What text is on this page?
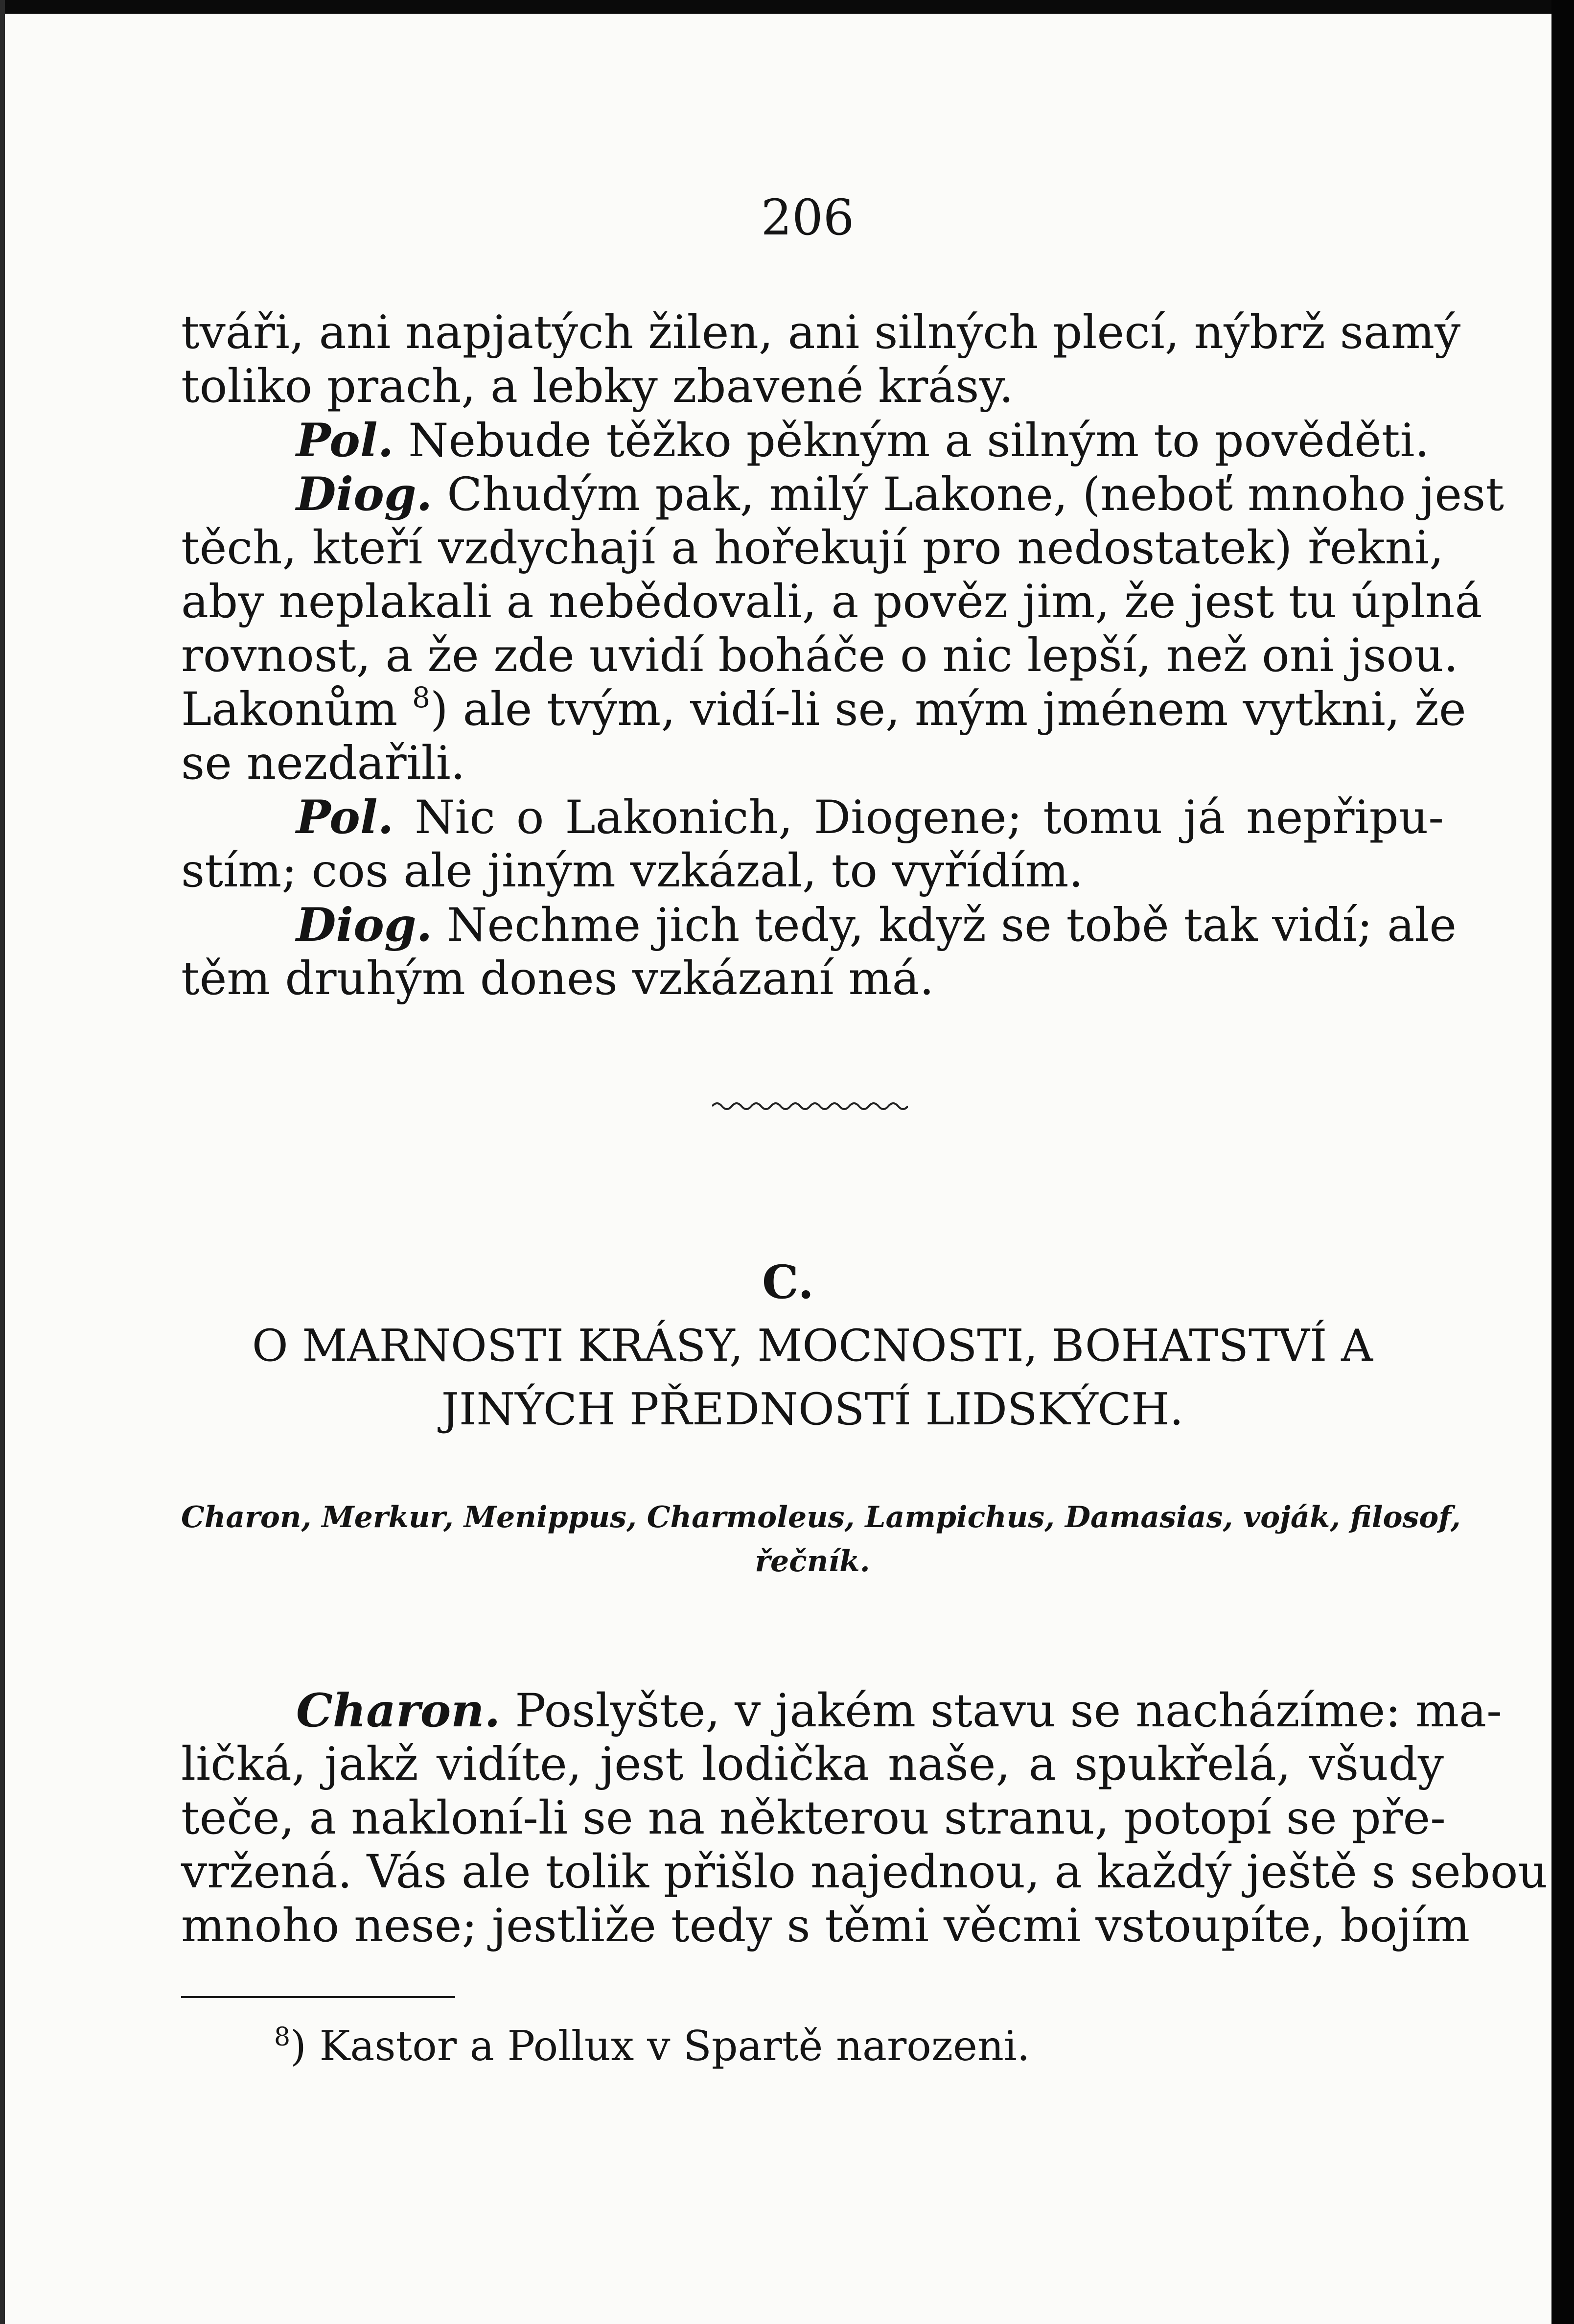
206
tváři, ani napjatých žilen, ani silných plecí, nýbrž samý
toliko prach, a lebky zbavené krásy.
Pol. Nebude těžko pěkným a silným to pověděti.
Diog. Chudým pak, milý Lakone, (neboť mnoho jest
těch, kteří vzdychají a hořekují pro nedostatek) řekni,
aby neplakali a nebědovali, a pověz jim, že jest tu úplná
rovnost, a že zde uvidí boháče o nic lepší, než oni jsou.
Lakonům $^8$) ale tvým, vidí-li se, mým jménem vytkni, že
se nezdařili.
Pol. Nic o Lakonich, Diogene; tomu já nepřipu-
stím; cos ale jiným vzkázal, to vyřídím.
Diog. Nechme jich tedy, když se tobě tak vidí; ale
těm druhým dones vzkázaní má.
C.
O MARNOSTI KRÁSY, MOCNOSTI, BOHATSTVÍ A
JINÝCH PŘEDNOSTÍ LIDSKÝCH.
Charon, Merkur, Menippus, Charmoleus, Lampichus, Damasias, voják, filosof,
řečník.
Charon. Poslyšte, v jakém stavu se nacházíme: ma-
ličká, jakž vidíte, jest lodička naše, a spukřelá, všudy
teče, a nakloní-li se na některou stranu, potopí se pře-
vržená. Vás ale tolik přišlo najednou, a každý ještě s sebou
mnoho nese; jestliže tedy s těmi věcmi vstoupíte, bojím
$^8$) Kastor a Pollux v Spartě narozeni.
